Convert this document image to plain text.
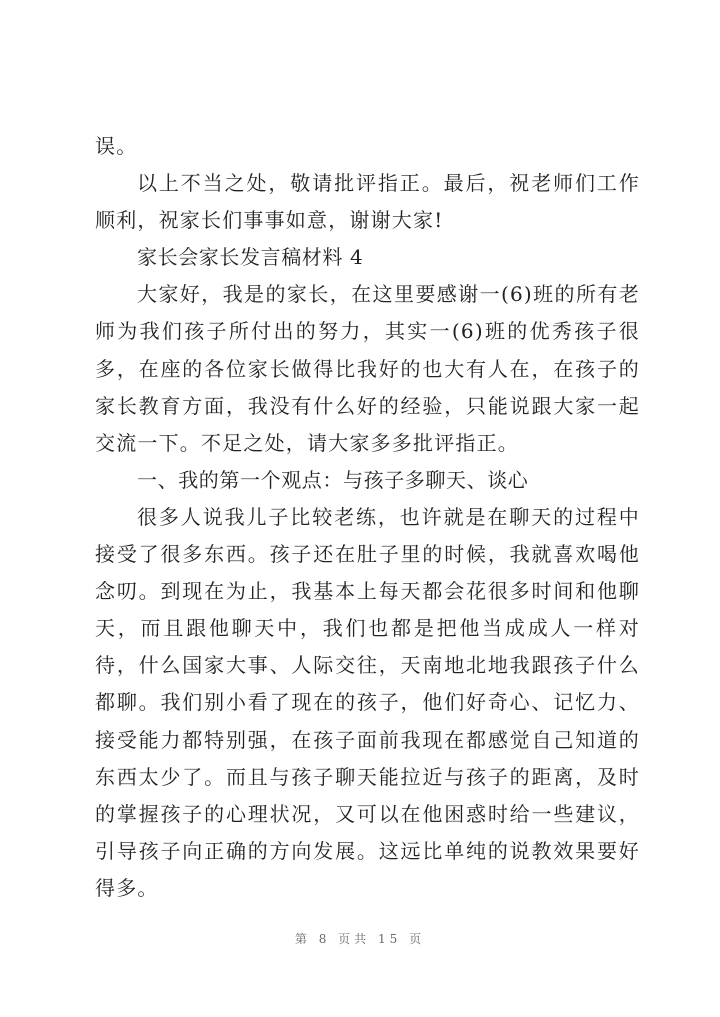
误。

以上不当之处，敬请批评指正。最后，祝老师们工作顺利，祝家长们事事如意，谢谢大家!

家长会家长发言稿材料 4

大家好，我是的家长，在这里要感谢一(6)班的所有老师为我们孩子所付出的努力，其实一(6)班的优秀孩子很多，在座的各位家长做得比我好的也大有人在，在孩子的家长教育方面，我没有什么好的经验，只能说跟大家一起交流一下。不足之处，请大家多多批评指正。

一、我的第一个观点：与孩子多聊天、谈心

很多人说我儿子比较老练，也许就是在聊天的过程中接受了很多东西。孩子还在肚子里的时候，我就喜欢喝他念叨。到现在为止，我基本上每天都会花很多时间和他聊天，而且跟他聊天中，我们也都是把他当成成人一样对待，什么国家大事、人际交往，天南地北地我跟孩子什么都聊。我们别小看了现在的孩子，他们好奇心、记忆力、接受能力都特别强，在孩子面前我现在都感觉自己知道的东西太少了。而且与孩子聊天能拉近与孩子的距离，及时的掌握孩子的心理状况，又可以在他困惑时给一些建议，引导孩子向正确的方向发展。这远比单纯的说教效果要好得多。

第 8 页共 15 页
